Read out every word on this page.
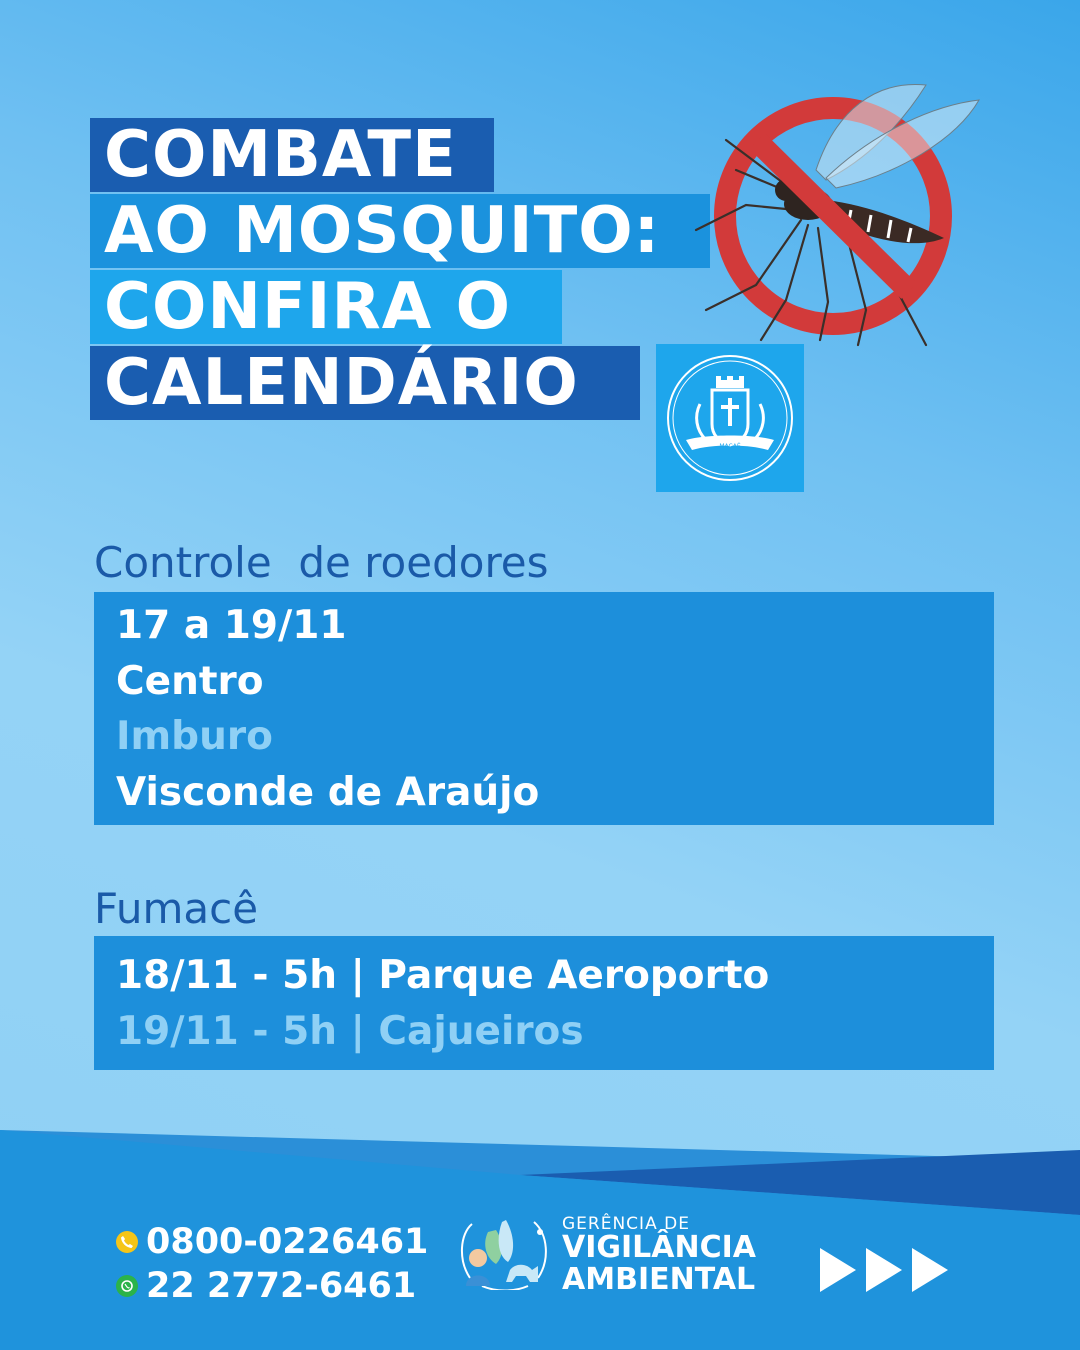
COMBATE
AO MOSQUITO:
CONFIRA O
CALENDÁRIO
MACAÉ
Controle  de roedores
17 a 19/11
Centro
Imburo
Visconde de Araújo
Fumacê
18/11 - 5h | Parque Aeroporto
19/11 - 5h | Cajueiros
0800-0226461
22 2772-6461
GERÊNCIA DE
VIGILÂNCIA
AMBIENTAL
